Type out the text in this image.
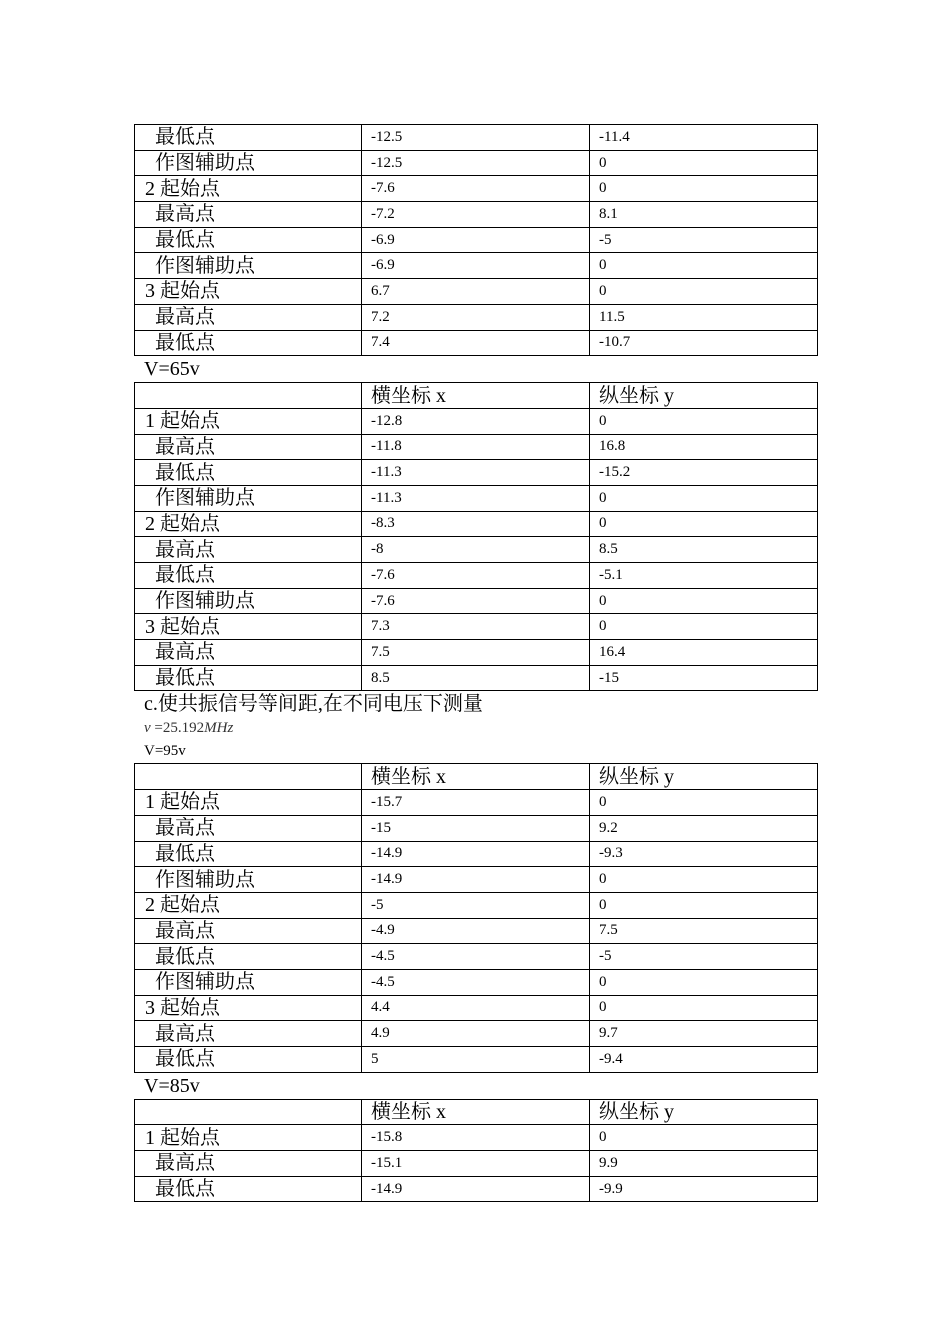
最低点	-12.5	-11.4
作图辅助点	-12.5	0
2 起始点	-7.6	0
最高点	-7.2	8.1
最低点	-6.9	-5
作图辅助点	-6.9	0
3 起始点	6.7	0
最高点	7.2	11.5
最低点	7.4	-10.7
V=65v
	横坐标 x	纵坐标 y
1 起始点	-12.8	0
最高点	-11.8	16.8
最低点	-11.3	-15.2
作图辅助点	-11.3	0
2 起始点	-8.3	0
最高点	-8	8.5
最低点	-7.6	-5.1
作图辅助点	-7.6	0
3 起始点	7.3	0
最高点	7.5	16.4
最低点	8.5	-15
c.使共振信号等间距,在不同电压下测量
ν =25.192MHz
V=95v
	横坐标 x	纵坐标 y
1 起始点	-15.7	0
最高点	-15	9.2
最低点	-14.9	-9.3
作图辅助点	-14.9	0
2 起始点	-5	0
最高点	-4.9	7.5
最低点	-4.5	-5
作图辅助点	-4.5	0
3 起始点	4.4	0
最高点	4.9	9.7
最低点	5	-9.4
V=85v
	横坐标 x	纵坐标 y
1 起始点	-15.8	0
最高点	-15.1	9.9
最低点	-14.9	-9.9
